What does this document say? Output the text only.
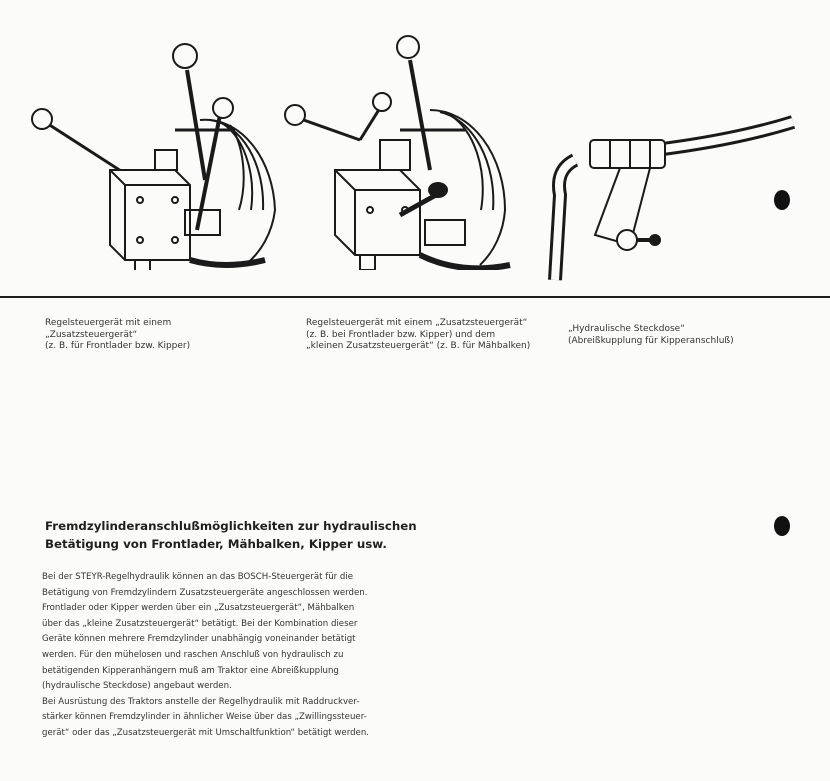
Regelsteuergerät mit einem
„Zusatzsteuergerät“
(z. B. für Frontlader bzw. Kipper)
Regelsteuergerät mit einem „Zusatzsteuergerät“
(z. B. bei Frontlader bzw. Kipper) und dem
„kleinen Zusatzsteuergerät“ (z. B. für Mähbalken)
„Hydraulische Steckdose“
(Abreißkupplung für Kipperanschluß)
Fremdzylinderanschlußmöglichkeiten zur hydraulischen
Betätigung von Frontlader, Mähbalken, Kipper usw.
Bei der STEYR-Regelhydraulik können an das BOSCH-Steuergerät für die
Betätigung von Fremdzylindern Zusatzsteuergeräte angeschlossen werden.
Frontlader oder Kipper werden über ein „Zusatzsteuergerät“, Mähbalken
über das „kleine Zusatzsteuergerät“ betätigt. Bei der Kombination dieser
Geräte können mehrere Fremdzylinder unabhängig voneinander betätigt
werden. Für den mühelosen und raschen Anschluß von hydraulisch zu
betätigenden Kipperanhängern muß am Traktor eine Abreißkupplung
(hydraulische Steckdose) angebaut werden.
Bei Ausrüstung des Traktors anstelle der Regelhydraulik mit Raddruckver-
stärker können Fremdzylinder in ähnlicher Weise über das „Zwillingssteuer-
gerät“ oder das „Zusatzsteuergerät mit Umschaltfunktion“ betätigt werden.
